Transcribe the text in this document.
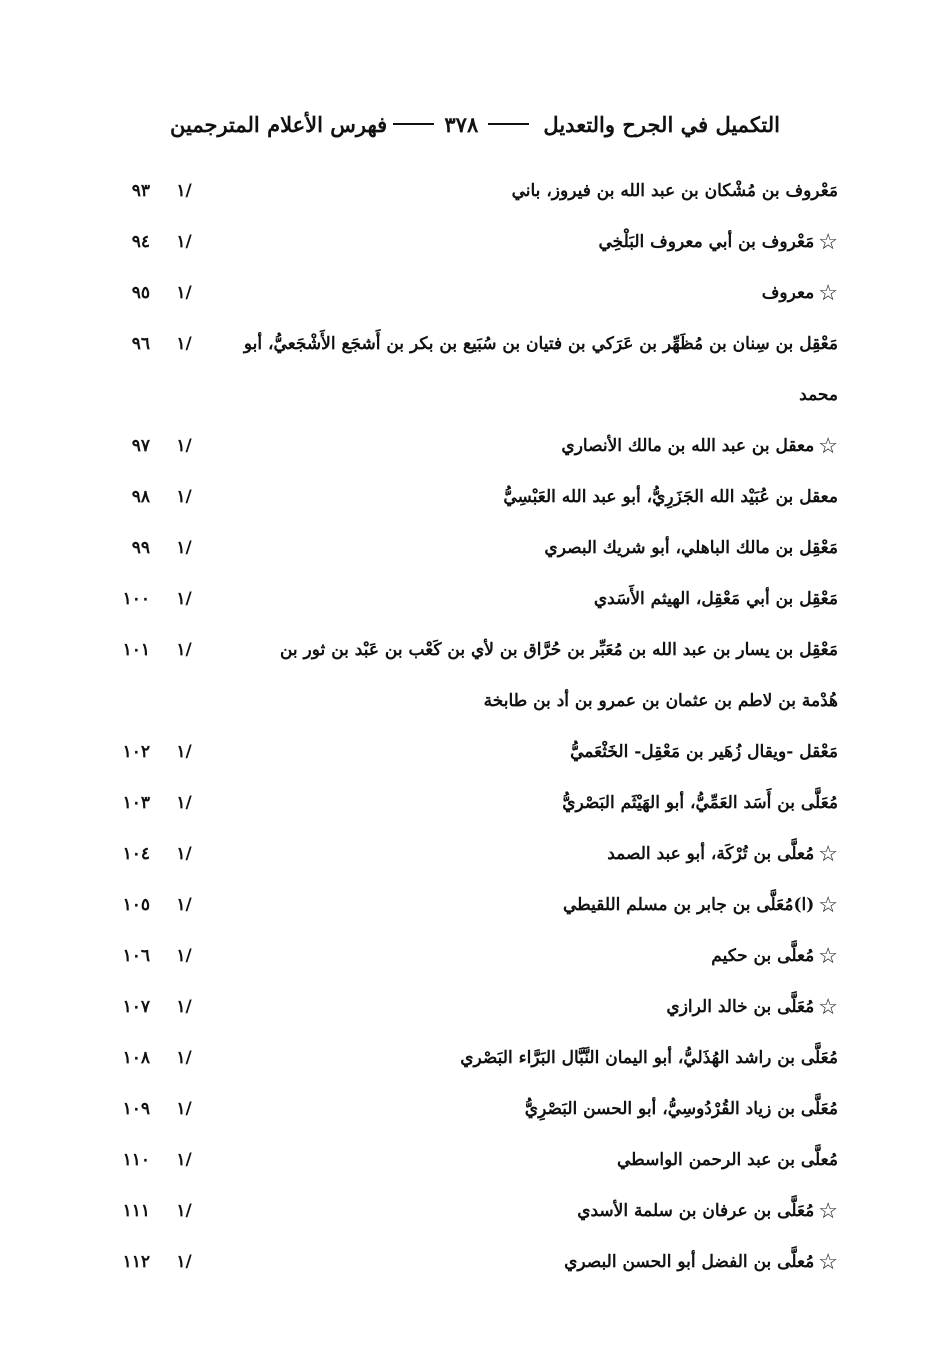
التكميل في الجرح والتعديل
٣٧٨
فهرس الأعلام المترجمين
مَعْروف بن مُشْكان بن عبد الله بن فيروز، باني
١/
٩٣
☆مَعْروف بن أبي معروف البَلْخِي
١/
٩٤
☆معروف
١/
٩٥
مَعْقِل بن سِنان بن مُظَهِّر بن عَرَكي بن فتيان بن سُبَيع بن بكر بن أَشجَع الأَشْجَعيُّ، أبو محمد
١/
٩٦
☆معقل بن عبد الله بن مالك الأنصاري
١/
٩٧
معقل بن عُبَيْد الله الجَزَرِيُّ، أبو عبد الله العَبْسِيُّ
١/
٩٨
مَعْقِل بن مالك الباهلي، أبو شريك البصري
١/
٩٩
مَعْقِل بن أبي مَعْقِل، الهيثم الأَسَدي
١/
١٠٠
مَعْقِل بن يسار بن عبد الله بن مُعَبِّر بن حُرَّاق بن لأي بن كَعْب بن عَبْد بن ثور بن هُدْمة بن لاطم بن عثمان بن عمرو بن أد بن طابخة
١/
١٠١
مَعْقل -ويقال زُهَير بن مَعْقِل- الخَثْعَميُّ
١/
١٠٢
مُعَلَّى بن أَسَد العَمِّيُّ، أبو الهَيْثَم البَصْريُّ
١/
١٠٣
☆مُعلَّى بن تُرْكَة، أبو عبد الصمد
١/
١٠٤
☆(ا)مُعَلَّى بن جابر بن مسلم اللقيطي
١/
١٠٥
☆مُعلَّى بن حكيم
١/
١٠٦
☆مُعَلَّى بن خالد الرازي
١/
١٠٧
مُعَلَّى بن راشد الهُذَليُّ، أبو اليمان النَّبَّال البَرَّاء البَصْري
١/
١٠٨
مُعَلَّى بن زياد القُرْدُوسِيُّ، أبو الحسن البَصْرِيُّ
١/
١٠٩
مُعلَّى بن عبد الرحمن الواسطي
١/
١١٠
☆مُعَلَّى بن عرفان بن سلمة الأسدي
١/
١١١
☆مُعلَّى بن الفضل أبو الحسن البصري
١/
١١٢
